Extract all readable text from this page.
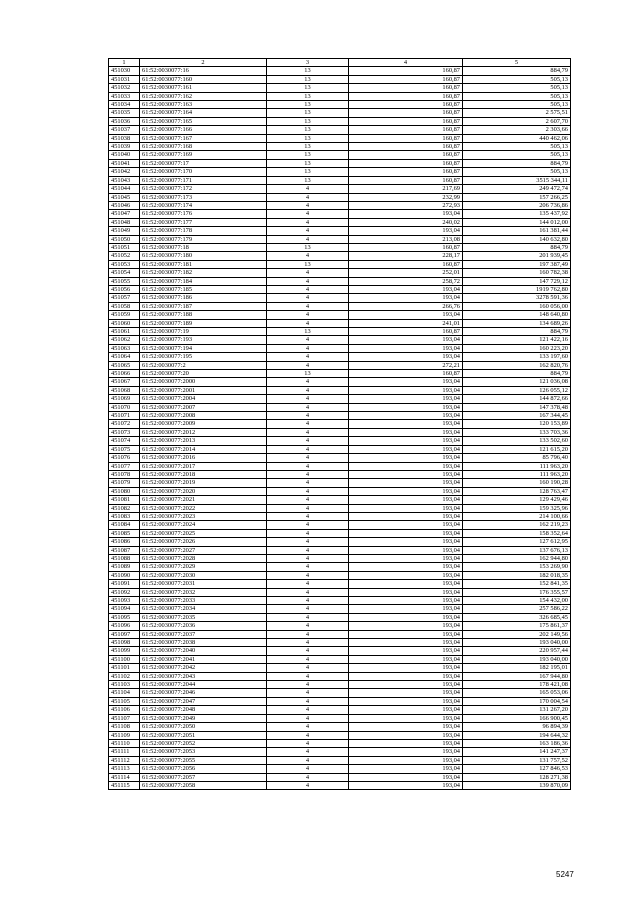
1	2	3	4	5
451030	61:52:0030077:16	13	160,87	884,79
451031	61:52:0030077:160	13	160,87	505,13
451032	61:52:0030077:161	13	160,87	505,13
451033	61:52:0030077:162	13	160,87	505,13
451034	61:52:0030077:163	13	160,87	505,13
451035	61:52:0030077:164	13	160,87	2 575,51
451036	61:52:0030077:165	13	160,87	2 607,70
451037	61:52:0030077:166	13	160,87	2 303,66
451038	61:52:0030077:167	13	160,87	440 462,06
451039	61:52:0030077:168	13	160,87	505,13
451040	61:52:0030077:169	13	160,87	505,13
451041	61:52:0030077:17	13	160,87	884,79
451042	61:52:0030077:170	13	160,87	505,13
451043	61:52:0030077:171	13	160,87	3515 344,11
451044	61:52:0030077:172	4	217,69	249 472,74
451045	61:52:0030077:173	4	232,99	157 266,25
451046	61:52:0030077:174	4	272,93	206 736,86
451047	61:52:0030077:176	4	193,04	135 437,92
451048	61:52:0030077:177	4	240,02	144 012,00
451049	61:52:0030077:178	4	193,04	161 381,44
451050	61:52:0030077:179	4	213,08	140 632,80
451051	61:52:0030077:18	13	160,87	884,79
451052	61:52:0030077:180	4	228,17	201 939,45
451053	61:52:0030077:181	13	160,87	197 387,49
451054	61:52:0030077:182	4	252,01	160 782,38
451055	61:52:0030077:184	4	258,72	147 729,12
451056	61:52:0030077:185	4	193,04	1919 762,80
451057	61:52:0030077:186	4	193,04	3278 591,36
451058	61:52:0030077:187	4	266,76	160 056,00
451059	61:52:0030077:188	4	193,04	148 640,80
451060	61:52:0030077:189	4	241,01	134 689,26
451061	61:52:0030077:19	13	160,87	884,79
451062	61:52:0030077:193	4	193,04	121 422,16
451063	61:52:0030077:194	4	193,04	160 223,20
451064	61:52:0030077:195	4	193,04	133 197,60
451065	61:52:0030077:2	4	272,21	162 820,76
451066	61:52:0030077:20	13	160,87	884,79
451067	61:52:0030077:2000	4	193,04	121 036,08
451068	61:52:0030077:2001	4	193,04	126 055,12
451069	61:52:0030077:2004	4	193,04	144 872,66
451070	61:52:0030077:2007	4	193,04	147 378,48
451071	61:52:0030077:2008	4	193,04	167 344,45
451072	61:52:0030077:2009	4	193,04	120 153,89
451073	61:52:0030077:2012	4	193,04	133 703,36
451074	61:52:0030077:2013	4	193,04	133 502,60
451075	61:52:0030077:2014	4	193,04	121 615,20
451076	61:52:0030077:2016	4	193,04	85 796,40
451077	61:52:0030077:2017	4	193,04	111 963,20
451078	61:52:0030077:2018	4	193,04	111 963,20
451079	61:52:0030077:2019	4	193,04	160 190,28
451080	61:52:0030077:2020	4	193,04	128 763,47
451081	61:52:0030077:2021	4	193,04	129 429,46
451082	61:52:0030077:2022	4	193,04	159 325,96
451083	61:52:0030077:2023	4	193,04	214 100,66
451084	61:52:0030077:2024	4	193,04	162 219,23
451085	61:52:0030077:2025	4	193,04	158 352,64
451086	61:52:0030077:2026	4	193,04	127 612,95
451087	61:52:0030077:2027	4	193,04	137 676,13
451088	61:52:0030077:2028	4	193,04	162 944,80
451089	61:52:0030077:2029	4	193,04	153 269,90
451090	61:52:0030077:2030	4	193,04	182 018,35
451091	61:52:0030077:2031	4	193,04	152 841,35
451092	61:52:0030077:2032	4	193,04	176 355,57
451093	61:52:0030077:2033	4	193,04	154 432,00
451094	61:52:0030077:2034	4	193,04	257 586,22
451095	61:52:0030077:2035	4	193,04	326 685,45
451096	61:52:0030077:2036	4	193,04	175 861,37
451097	61:52:0030077:2037	4	193,04	202 149,56
451098	61:52:0030077:2038	4	193,04	193 040,00
451099	61:52:0030077:2040	4	193,04	220 957,44
451100	61:52:0030077:2041	4	193,04	193 040,00
451101	61:52:0030077:2042	4	193,04	182 195,01
451102	61:52:0030077:2043	4	193,04	167 944,80
451103	61:52:0030077:2044	4	193,04	178 421,08
451104	61:52:0030077:2046	4	193,04	165 053,06
451105	61:52:0030077:2047	4	193,04	170 004,54
451106	61:52:0030077:2048	4	193,04	131 267,20
451107	61:52:0030077:2049	4	193,04	166 900,45
451108	61:52:0030077:2050	4	193,04	96 894,39
451109	61:52:0030077:2051	4	193,04	194 644,32
451110	61:52:0030077:2052	4	193,04	163 186,36
451111	61:52:0030077:2053	4	193,04	141 247,37
451112	61:52:0030077:2055	4	193,04	131 757,52
451113	61:52:0030077:2056	4	193,04	127 846,53
451114	61:52:0030077:2057	4	193,04	128 271,38
451115	61:52:0030077:2058	4	193,04	139 870,09
5247
